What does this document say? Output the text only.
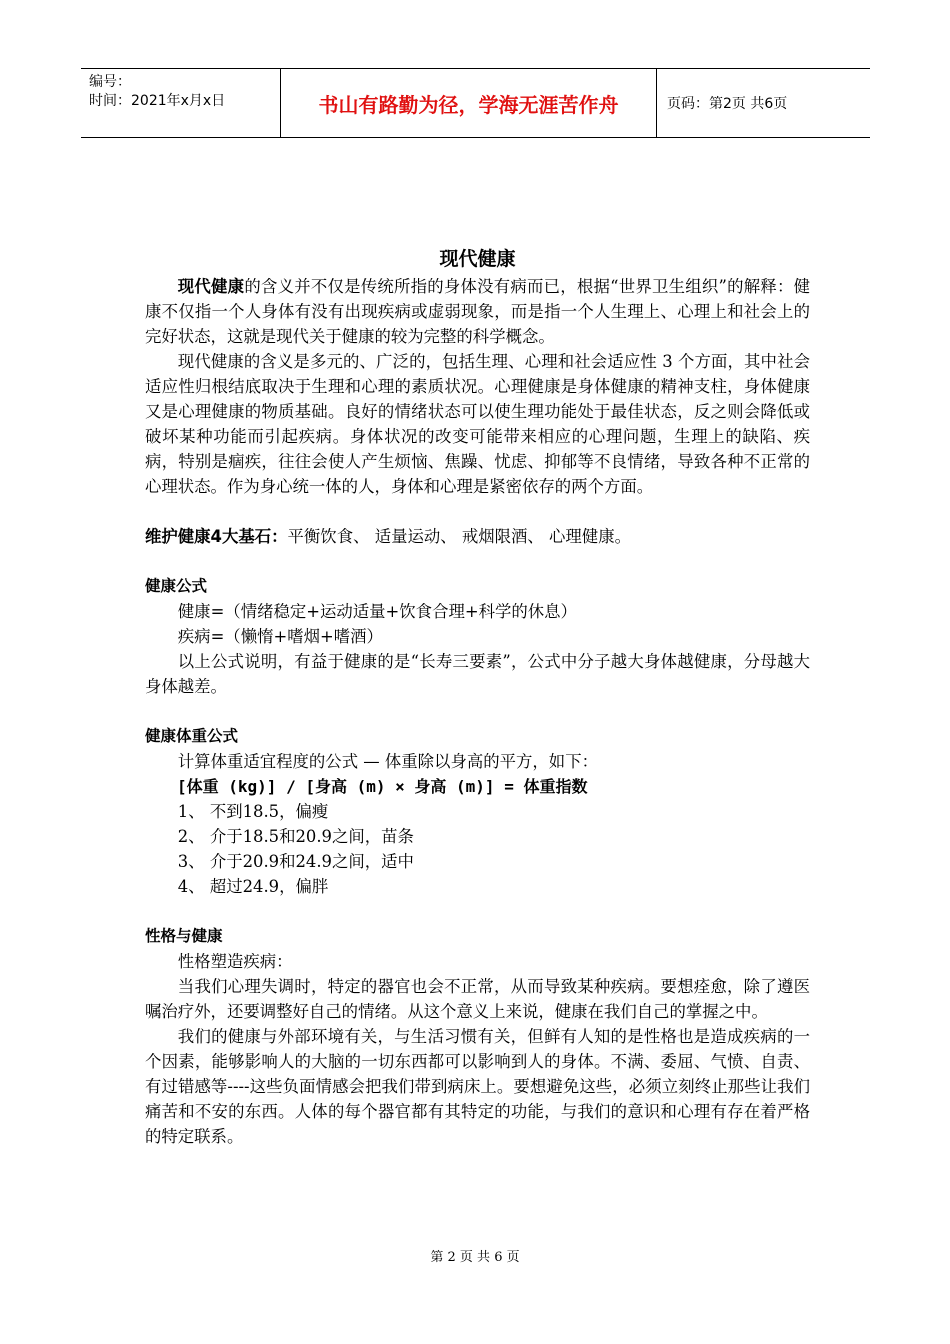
编号：
时间：2021年x月x日	书山有路勤为径，学海无涯苦作舟	页码：第2页 共6页
现代健康

现代健康的含义并不仅是传统所指的身体没有病而已，根据“世界卫生组织”的解释：健康不仅指一个人身体有没有出现疾病或虚弱现象，而是指一个人生理上、心理上和社会上的完好状态，这就是现代关于健康的较为完整的科学概念。

现代健康的含义是多元的、广泛的，包括生理、心理和社会适应性 3 个方面，其中社会适应性归根结底取决于生理和心理的素质状况。心理健康是身体健康的精神支柱，身体健康又是心理健康的物质基础。良好的情绪状态可以使生理功能处于最佳状态，反之则会降低或破坏某种功能而引起疾病。身体状况的改变可能带来相应的心理问题，生理上的缺陷、疾病，特别是痼疾，往往会使人产生烦恼、焦躁、忧虑、抑郁等不良情绪，导致各种不正常的心理状态。作为身心统一体的人，身体和心理是紧密依存的两个方面。

维护健康4大基石：平衡饮食、 适量运动、 戒烟限酒、 心理健康。

健康公式
健康=（情绪稳定+运动适量+饮食合理+科学的休息）
疾病=（懒惰+嗜烟+嗜酒）

以上公式说明，有益于健康的是“长寿三要素”，公式中分子越大身体越健康，分母越大身体越差。

健康体重公式
计算体重适宜程度的公式 — 体重除以身高的平方，如下：
[体重 (kg)] / [身高 (m) × 身高 (m)] = 体重指数
1、 不到18.5，偏瘦
2、 介于18.5和20.9之间，苗条
3、 介于20.9和24.9之间，适中
4、 超过24.9，偏胖
性格与健康
性格塑造疾病：

当我们心理失调时，特定的器官也会不正常，从而导致某种疾病。要想痊愈，除了遵医嘱治疗外，还要调整好自己的情绪。从这个意义上来说，健康在我们自己的掌握之中。

我们的健康与外部环境有关，与生活习惯有关，但鲜有人知的是性格也是造成疾病的一个因素，能够影响人的大脑的一切东西都可以影响到人的身体。不满、委屈、气愤、自责、有过错感等----这些负面情感会把我们带到病床上。要想避免这些，必须立刻终止那些让我们痛苦和不安的东西。人体的每个器官都有其特定的功能，与我们的意识和心理有存在着严格的特定联系。

第 2 页 共 6 页
